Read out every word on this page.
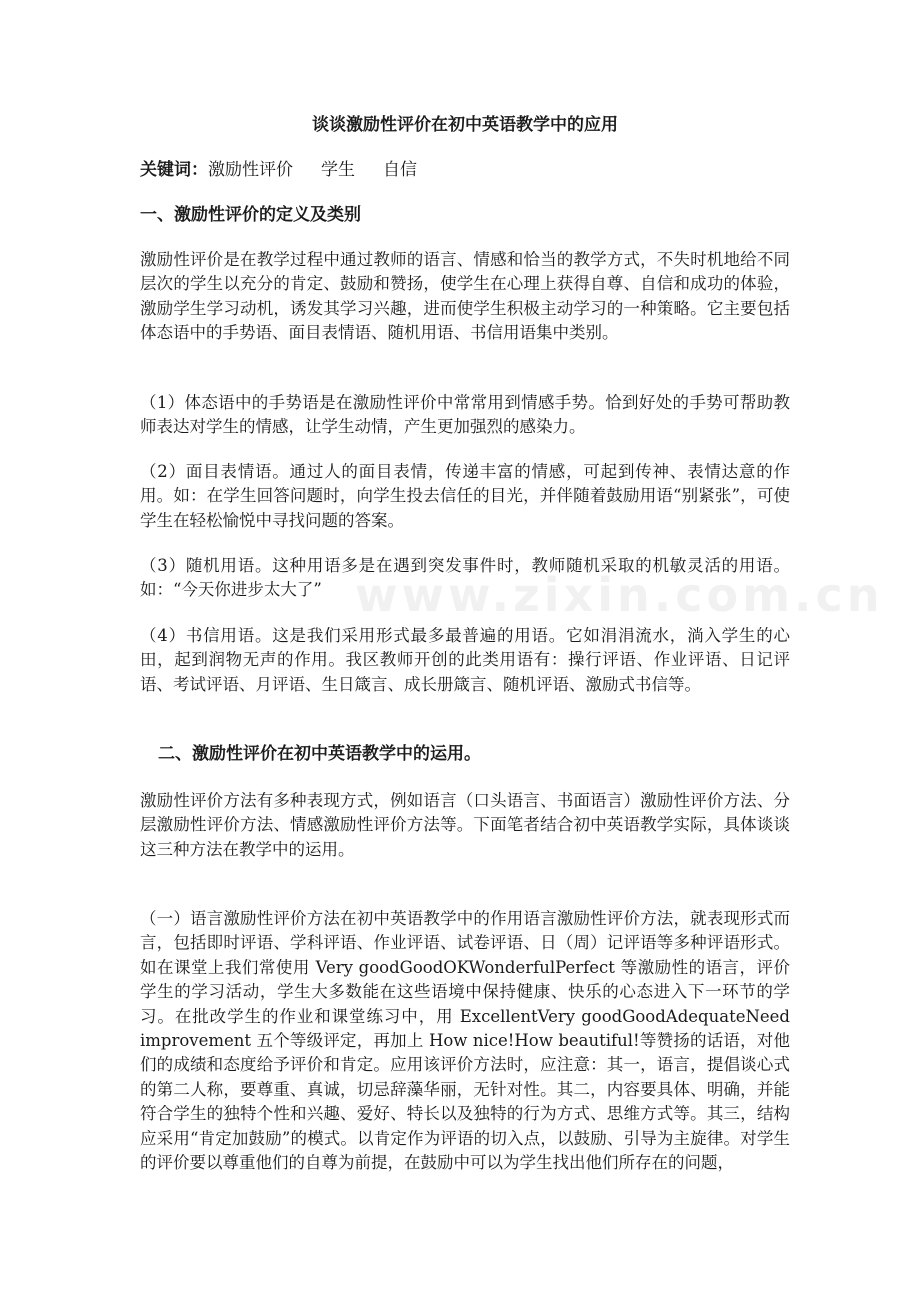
谈谈激励性评价在初中英语教学中的应用

关键词：激励性评价 学生 自信

一、激励性评价的定义及类别

激励性评价是在教学过程中通过教师的语言、情感和恰当的教学方式，不失时机地给不同层次的学生以充分的肯定、鼓励和赞扬，使学生在心理上获得自尊、自信和成功的体验，激励学生学习动机，诱发其学习兴趣，进而使学生积极主动学习的一种策略。它主要包括体态语中的手势语、面目表情语、随机用语、书信用语集中类别。

（1）体态语中的手势语是在激励性评价中常常用到情感手势。恰到好处的手势可帮助教师表达对学生的情感，让学生动情，产生更加强烈的感染力。

（2）面目表情语。通过人的面目表情，传递丰富的情感，可起到传神、表情达意的作用。如：在学生回答问题时，向学生投去信任的目光，并伴随着鼓励用语“别紧张”，可使学生在轻松愉悦中寻找问题的答案。

（3）随机用语。这种用语多是在遇到突发事件时，教师随机采取的机敏灵活的用语。如：“今天你进步太大了”

（4）书信用语。这是我们采用形式最多最普遍的用语。它如涓涓流水，淌入学生的心田，起到润物无声的作用。我区教师开创的此类用语有：操行评语、作业评语、日记评语、考试评语、月评语、生日箴言、成长册箴言、随机评语、激励式书信等。

二、激励性评价在初中英语教学中的运用。

激励性评价方法有多种表现方式，例如语言（口头语言、书面语言）激励性评价方法、分层激励性评价方法、情感激励性评价方法等。下面笔者结合初中英语教学实际，具体谈谈这三种方法在教学中的运用。

（一）语言激励性评价方法在初中英语教学中的作用语言激励性评价方法，就表现形式而言，包括即时评语、学科评语、作业评语、试卷评语、日（周）记评语等多种评语形式。如在课堂上我们常使用 Very goodGoodOKWonderfulPerfect 等激励性的语言，评价学生的学习活动，学生大多数能在这些语境中保持健康、快乐的心态进入下一环节的学习。在批改学生的作业和课堂练习中，用 ExcellentVery goodGoodAdequateNeed improvement 五个等级评定，再加上 How nice!How beautiful!等赞扬的话语，对他们的成绩和态度给予评价和肯定。应用该评价方法时，应注意：其一，语言，提倡谈心式的第二人称，要尊重、真诚，切忌辞藻华丽，无针对性。其二，内容要具体、明确，并能符合学生的独特个性和兴趣、爱好、特长以及独特的行为方式、思维方式等。其三，结构应采用“肯定加鼓励”的模式。以肯定作为评语的切入点，以鼓励、引导为主旋律。对学生的评价要以尊重他们的自尊为前提，在鼓励中可以为学生找出他们所存在的问题，

www.zixin.com.cn
